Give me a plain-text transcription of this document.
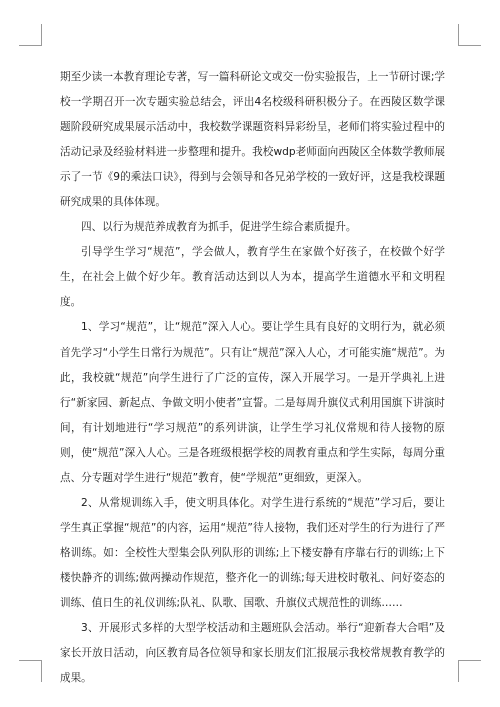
期至少读一本教育理论专著，写一篇科研论文或交一份实验报告，上一节研讨课;学校一学期召开一次专题实验总结会，评出4名校级科研积极分子。在西陵区数学课题阶段研究成果展示活动中，我校数学课题资料异彩纷呈，老师们将实验过程中的活动记录及经验材料进一步整理和提升。我校wdp老师面向西陵区全体数学教师展示了一节《9的乘法口诀》，得到与会领导和各兄弟学校的一致好评，这是我校课题研究成果的具体体现。

四、以行为规范养成教育为抓手，促进学生综合素质提升。

引导学生学习“规范”，学会做人，教育学生在家做个好孩子，在校做个好学生，在社会上做个好少年。教育活动达到以人为本，提高学生道德水平和文明程度。

1、学习“规范”，让“规范”深入人心。要让学生具有良好的文明行为，就必须首先学习“小学生日常行为规范”。只有让“规范”深入人心，才可能实施“规范”。为此，我校就“规范”向学生进行了广泛的宣传，深入开展学习。一是开学典礼上进行“新家园、新起点、争做文明小使者”宣誓。二是每周升旗仪式利用国旗下讲演时间，有计划地进行“学习规范”的系列讲演，让学生学习礼仪常规和待人接物的原则，使“规范”深入人心。三是各班级根据学校的周教育重点和学生实际，每周分重点、分专题对学生进行“规范”教育，使“学规范”更细致，更深入。

2、从常规训练入手，使文明具体化。对学生进行系统的“规范”学习后，要让学生真正掌握“规范”的内容，运用“规范”待人接物，我们还对学生的行为进行了严格训练。如：全校性大型集会队列队形的训练;上下楼安静有序靠右行的训练;上下楼快静齐的训练;做两操动作规范，整齐化一的训练;每天进校时敬礼、问好姿态的训练、值日生的礼仪训练;队礼、队歌、国歌、升旗仪式规范性的训练……

3、开展形式多样的大型学校活动和主题班队会活动。举行“迎新春大合唱”及家长开放日活动，向区教育局各位领导和家长朋友们汇报展示我校常规教育教学的成果。
